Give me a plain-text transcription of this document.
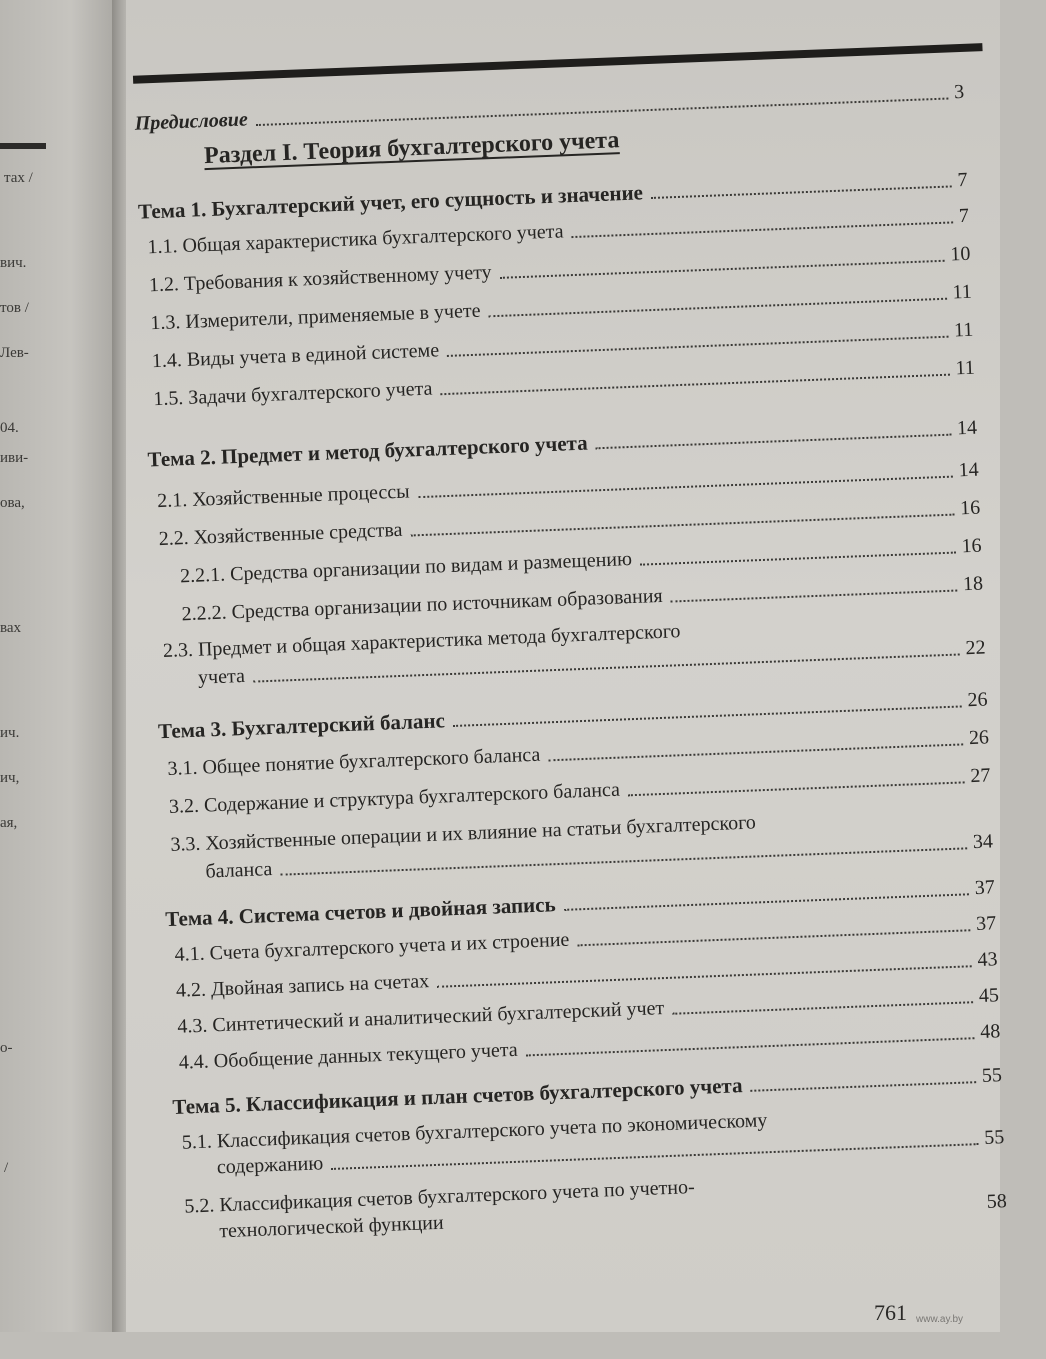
тах /
вич.
тов /
Лев-
04.
иви-
ова,
вах
ич.
ич,
ая,
о-
/
Предисловие
3
Раздел I. Теория бухгалтерского учета
Тема 1. Бухгалтерский учет, его сущность и значение
7
1.1. Общая характеристика бухгалтерского учета
7
1.2. Требования к хозяйственному учету
10
1.3. Измерители, применяемые в учете
11
1.4. Виды учета в единой системе
11
1.5. Задачи бухгалтерского учета
11
Тема 2. Предмет и метод бухгалтерского учета
14
2.1. Хозяйственные процессы
14
2.2. Хозяйственные средства
16
2.2.1. Средства организации по видам и размещению
16
2.2.2. Средства организации по источникам образования
18
2.3. Предмет и общая характеристика метода бухгалтерского
учета
22
Тема 3. Бухгалтерский баланс
26
3.1. Общее понятие бухгалтерского баланса
26
3.2. Содержание и структура бухгалтерского баланса
27
3.3. Хозяйственные операции и их влияние на статьи бухгалтерского
баланса
34
Тема 4. Система счетов и двойная запись
37
4.1. Счета бухгалтерского учета и их строение
37
4.2. Двойная запись на счетах
43
4.3. Синтетический и аналитический бухгалтерский учет
45
4.4. Обобщение данных текущего учета
48
Тема 5. Классификация и план счетов бухгалтерского учета	55
5.1. Классификация счетов бухгалтерского учета по экономическому
содержанию
55
5.2. Классификация счетов бухгалтерского учета по учетно-
технологической функции
58
761 www.ay.by
